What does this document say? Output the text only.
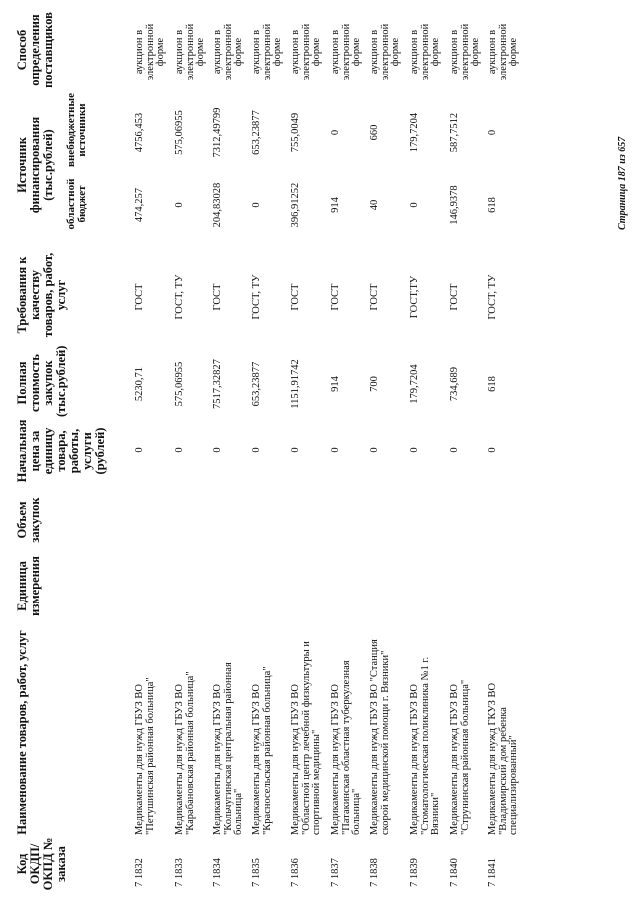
Код ОКДП/ ОКПД № заказа
Наименование товаров, работ, услуг
Единица измерения
Объем закупок
Начальная цена за единицу товара, работы, услуги (рублей)
Полная стоимость закупок (тыс.рублей)
Требования к качеству товаров, работ, услуг
Источник финансирования (тыс.рублей)
областной бюджет
внебюджетные источники
Способ определения поставщиков
7 1832
Медикаменты для нужд ГБУЗ ВО "Петушинская районная больница"
0
5230,71
ГОСТ
474,257
4756,453
аукцион в электронной форме
7 1833
Медикаменты для нужд ГБУЗ ВО "Карабановская районная больница"
0
575,06955
ГОСТ, ТУ
0
575,06955
аукцион в электронной форме
7 1834
Медикаменты для нужд ГБУЗ ВО "Кольчугинская центральная районная больница"
0
7517,32827
ГОСТ
204,83028
7312,49799
аукцион в электронной форме
7 1835
Медикаменты для нужд ГБУЗ ВО "Красносельская районная больница"
0
653,23877
ГОСТ, ТУ
0
653,23877
аукцион в электронной форме
7 1836
Медикаменты для нужд ГБУЗ ВО "Областной центр лечебной физкультуры и спортивной медицины"
0
1151,91742
ГОСТ
396,91252
755,0049
аукцион в электронной форме
7 1837
Медикаменты для нужд ГБУЗ ВО "Патакинская областная туберкулезная больница"
0
914
ГОСТ
914
0
аукцион в электронной форме
7 1838
Медикаменты для нужд ГБУЗ ВО "Станция скорой медицинской помощи г. Вязники"
0
700
ГОСТ
40
660
аукцион в электронной форме
7 1839
Медикаменты для нужд ГБУЗ ВО "Стоматологическая поликлиника №1 г. Вязники"
0
179,7204
ГОСТ,ТУ
0
179,7204
аукцион в электронной форме
7 1840
Медикаменты для нужд ГБУЗ ВО "Струнинская районная больница"
0
734,689
ГОСТ
146,9378
587,7512
аукцион в электронной форме
7 1841
Медикаменты для нужд ГКУЗ ВО "Владимирский дом ребенка специализированный"
0
618
ГОСТ, ТУ
618
0
аукцион в электронной форме
Страница 187 из 657
